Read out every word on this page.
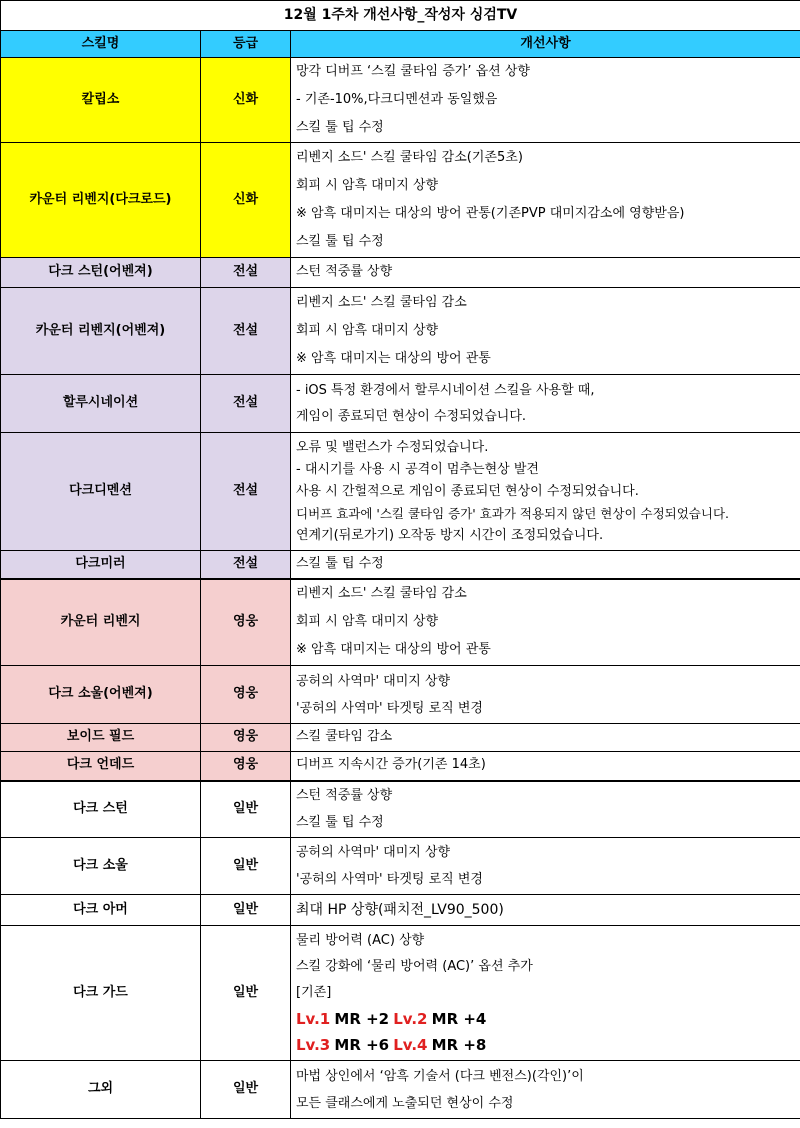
12월 1주차 개선사항_작성자 싱검TV		
스킬명	등급	개선사항
칼립소	신화	망각 디버프 ‘스킬 쿨타임 증가’ 옵션 상향
- 기존-10%,다크디멘션과 동일했음
스킬 툴 팁 수정

카운터 리벤지(다크로드)	신화	리벤지 소드' 스킬 쿨타임 감소(기존5초)
회피 시 암흑 대미지 상향
※ 암흑 대미지는 대상의 방어 관통(기존PVP 대미지감소에 영향받음)
스킬 툴 팁 수정

다크 스턴(어벤져)	전설	스턴 적중률 상향

카운터 리벤지(어벤져)	전설	리벤지 소드' 스킬 쿨타임 감소
회피 시 암흑 대미지 상향
※ 암흑 대미지는 대상의 방어 관통

할루시네이션	전설	- iOS 특정 환경에서 할루시네이션 스킬을 사용할 때,
게임이 종료되던 현상이 수정되었습니다.

다크디멘션	전설	오류 및 밸런스가 수정되었습니다.
- 대시기를 사용 시 공격이 멈추는현상 발견
사용 시 간헐적으로 게임이 종료되던 현상이 수정되었습니다.
디버프 효과에 '스킬 쿨타임 증가' 효과가 적용되지 않던 현상이 수정되었습니다.
연계기(뒤로가기) 오작동 방지 시간이 조정되었습니다.

다크미러	전설	스킬 툴 팁 수정

카운터 리벤지	영웅	리벤지 소드' 스킬 쿨타임 감소
회피 시 암흑 대미지 상향
※ 암흑 대미지는 대상의 방어 관통

다크 소울(어벤져)	영웅	공허의 사역마' 대미지 상향
'공허의 사역마' 타겟팅 로직 변경

보이드 필드	영웅	스킬 쿨타임 감소

다크 언데드	영웅	디버프 지속시간 증가(기존 14초)

다크 스턴	일반	스턴 적중률 상향
스킬 툴 팁 수정

다크 소울	일반	공허의 사역마' 대미지 상향
'공허의 사역마' 타겟팅 로직 변경

다크 아머	일반	최대 HP 상향(패치전_LV90_500)

다크 가드	일반	물리 방어력 (AC) 상향
스킬 강화에 ‘물리 방어력 (AC)’ 옵션 추가
[기존]
Lv.1 MR +2 Lv.2 MR +4
Lv.3 MR +6 Lv.4 MR +8

그외	일반	마법 상인에서 ‘암흑 기술서 (다크 벤전스)(각인)’이
모든 클래스에게 노출되던 현상이 수정
